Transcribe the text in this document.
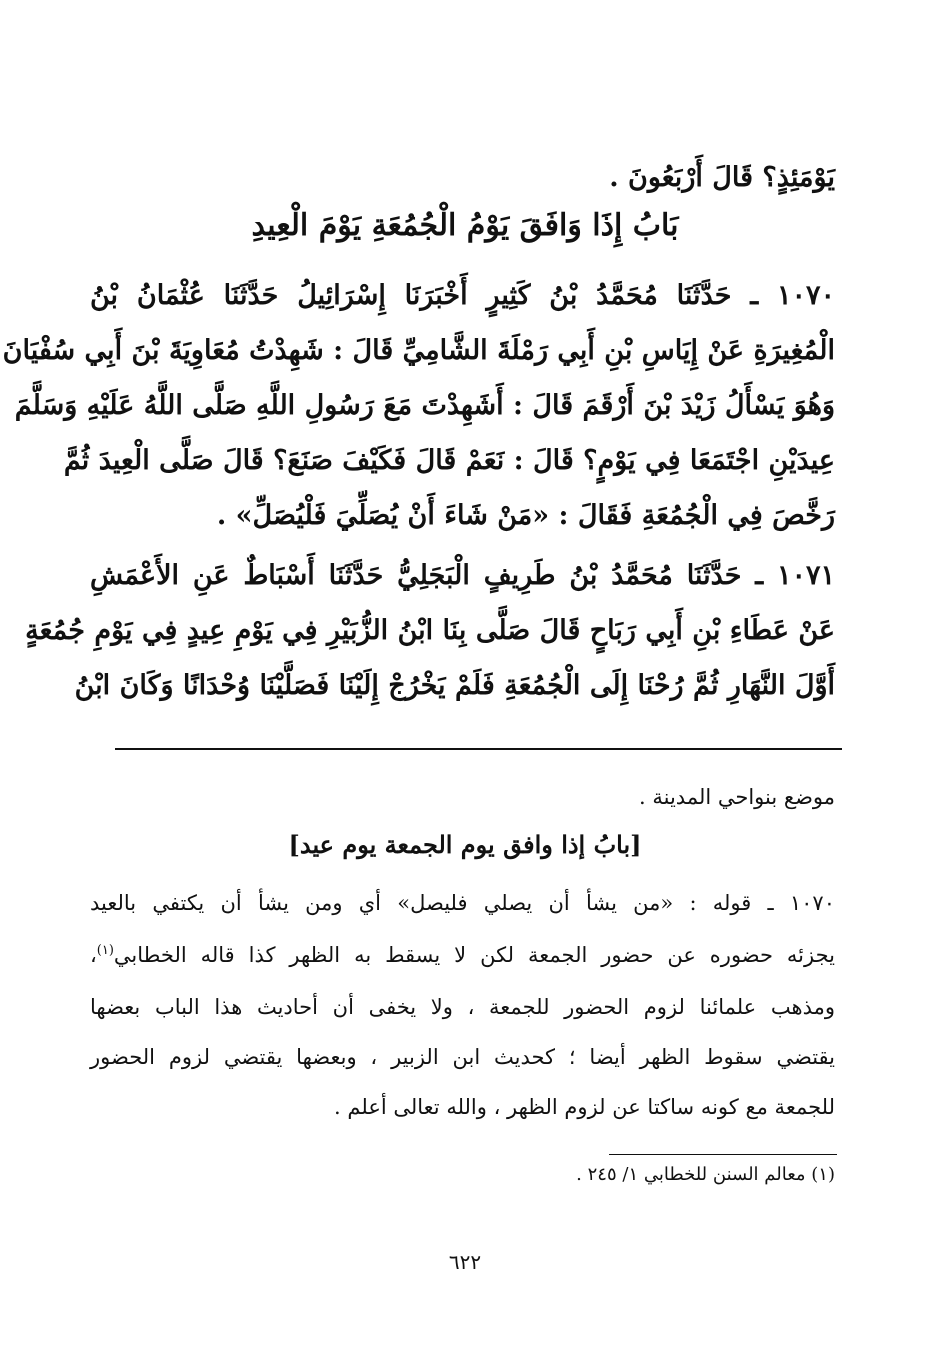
يَوْمَئِذٍ؟ قَالَ أَرْبَعُونَ .
بَابُ إِذَا وَافَقَ يَوْمُ الْجُمُعَةِ يَوْمَ الْعِيدِ
١٠٧٠ ـ حَدَّثَنَا مُحَمَّدُ بْنُ كَثِيرٍ أَخْبَرَنَا إِسْرَائِيلُ حَدَّثَنَا عُثْمَانُ بْنُ
الْمُغِيرَةِ عَنْ إِيَاسِ بْنِ أَبِي رَمْلَةَ الشَّامِيِّ قَالَ : شَهِدْتُ مُعَاوِيَةَ بْنَ أَبِي سُفْيَانَ
وَهُوَ يَسْأَلُ زَيْدَ بْنَ أَرْقَمَ قَالَ : أَشَهِدْتَ مَعَ رَسُولِ اللَّهِ صَلَّى اللَّهُ عَلَيْهِ وَسَلَّمَ
عِيدَيْنِ اجْتَمَعَا فِي يَوْمٍ؟ قَالَ : نَعَمْ قَالَ فَكَيْفَ صَنَعَ؟ قَالَ صَلَّى الْعِيدَ ثُمَّ
رَخَّصَ فِي الْجُمُعَةِ فَقَالَ : «مَنْ شَاءَ أَنْ يُصَلِّيَ فَلْيُصَلِّ» .
١٠٧١ ـ حَدَّثَنَا مُحَمَّدُ بْنُ طَرِيفٍ الْبَجَلِيُّ حَدَّثَنَا أَسْبَاطٌ عَنِ الأَعْمَشِ
عَنْ عَطَاءِ بْنِ أَبِي رَبَاحٍ قَالَ صَلَّى بِنَا ابْنُ الزُّبَيْرِ فِي يَوْمِ عِيدٍ فِي يَوْمِ جُمُعَةٍ
أَوَّلَ النَّهَارِ ثُمَّ رُحْنَا إِلَى الْجُمُعَةِ فَلَمْ يَخْرُجْ إِلَيْنَا فَصَلَّيْنَا وُحْدَانًا وَكَانَ ابْنُ
موضع بنواحي المدينة .
[بابُ إذا وافق يوم الجمعة يوم عيد]
١٠٧٠ ـ قوله : «من يشأ أن يصلي فليصل» أي ومن يشأ أن يكتفي بالعيد
يجزئه حضوره عن حضور الجمعة لكن لا يسقط به الظهر كذا قاله الخطابي$^{(١)}$،
ومذهب علمائنا لزوم الحضور للجمعة ، ولا يخفى أن أحاديث هذا الباب بعضها
يقتضي سقوط الظهر أيضا ؛ كحديث ابن الزبير ، وبعضها يقتضي لزوم الحضور
للجمعة مع كونه ساكتا عن لزوم الظهر ، والله تعالى أعلم .
(١) معالم السنن للخطابي ١/ ٢٤٥ .
٦٢٢
